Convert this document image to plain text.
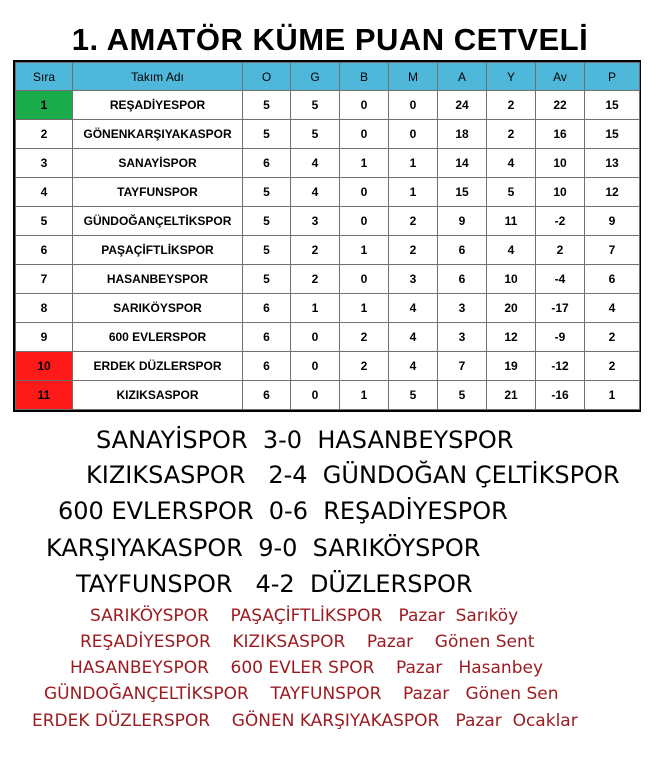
1. AMATÖR KÜME PUAN CETVELİ
Sıra	Takım Adı	O	G	B	M	A	Y	Av	P
1	REŞADİYESPOR	5	5	0	0	24	2	22	15
2	GÖNENKARŞIYAKASPOR	5	5	0	0	18	2	16	15
3	SANAYİSPOR	6	4	1	1	14	4	10	13
4	TAYFUNSPOR	5	4	0	1	15	5	10	12
5	GÜNDOĞANÇELTİKSPOR	5	3	0	2	9	11	-2	9
6	PAŞAÇİFTLİKSPOR	5	2	1	2	6	4	2	7
7	HASANBEYSPOR	5	2	0	3	6	10	-4	6
8	SARIKÖYSPOR	6	1	1	4	3	20	-17	4
9	600 EVLERSPOR	6	0	2	4	3	12	-9	2
10	ERDEK DÜZLERSPOR	6	0	2	4	7	19	-12	2
11	KIZIKSASPOR	6	0	1	5	5	21	-16	1
SANAYİSPOR  3-0  HASANBEYSPOR
KIZIKSASPOR   2-4  GÜNDOĞAN ÇELTİKSPOR
600 EVLERSPOR  0-6  REŞADİYESPOR
KARŞIYAKASPOR  9-0  SARIKÖYSPOR
TAYFUNSPOR   4-2  DÜZLERSPOR
SARIKÖYSPOR    PAŞAÇİFTLİKSPOR   Pazar  Sarıköy
REŞADİYESPOR    KIZIKSASPOR    Pazar    Gönen Sent
HASANBEYSPOR    600 EVLER SPOR    Pazar   Hasanbey
GÜNDOĞANÇELTİKSPOR    TAYFUNSPOR    Pazar   Gönen Sen
ERDEK DÜZLERSPOR    GÖNEN KARŞIYAKASPOR   Pazar  Ocaklar
